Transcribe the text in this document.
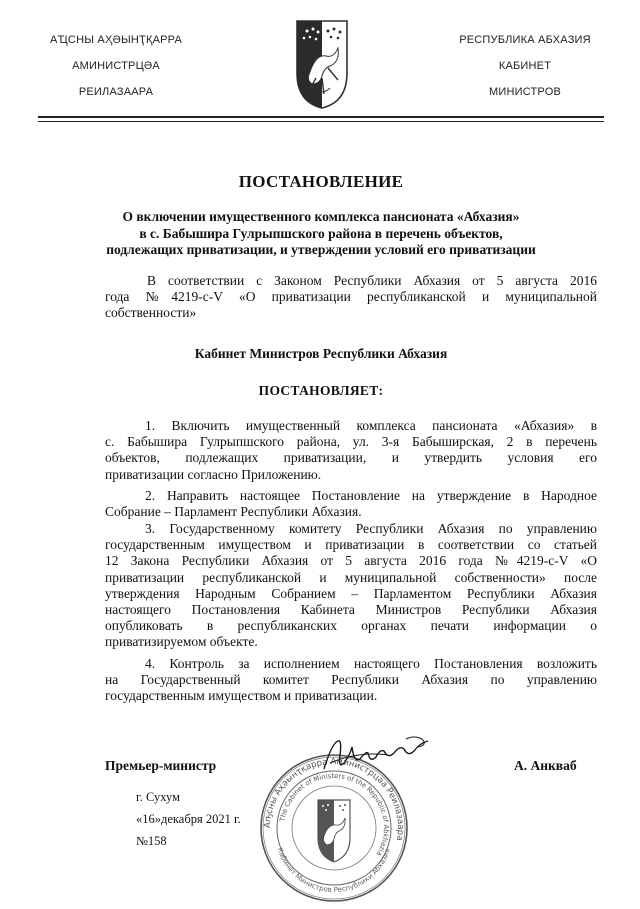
АҴСНЫ АҲӘЫНҬҚАРРА
АМИНИСТРЦӘА
РЕИЛАЗААРА
РЕСПУБЛИКА АБХАЗИЯ
КАБИНЕТ
МИНИСТРОВ
ПОСТАНОВЛЕНИЕ
О включении имущественного комплекса пансионата «Абхазия»
в с. Бабышира Гулрыпшского района в перечень объектов,
подлежащих приватизации, и утверждении условий его приватизации
В соответствии с Законом Республики Абхазия от 5 августа 2016
года №4219-с-V «О приватизации республиканской и муниципальной
собственности»
Кабинет Министров Республики Абхазия
ПОСТАНОВЛЯЕТ:
1. Включить имущественный комплекса пансионата «Абхазия» в
с. Бабышира Гулрыпшского района, ул. 3-я Бабыширская, 2 в перечень
объектов, подлежащих приватизации, и утвердить условия его
приватизации согласно Приложению.
2. Направить настоящее Постановление на утверждение в Народное
Собрание – Парламент Республики Абхазия.
3. Государственному комитету Республики Абхазия по управлению
государственным имуществом и приватизации в соответствии со статьей
12 Закона Республики Абхазия от 5 августа 2016 года №4219-с-V «О
приватизации республиканской и муниципальной собственности» после
утверждения Народным Собранием – Парламентом Республики Абхазия
настоящего Постановления Кабинета Министров Республики Абхазия
опубликовать в республиканских органах печати информации о
приватизируемом объекте.
4. Контроль за исполнением настоящего Постановления возложить
на Государственный комитет Республики Абхазия по управлению
государственным имуществом и приватизации.
Аҧсны Аҳәынҭқарра Аминистрцәа Реилазаара
The Cabinet of Ministers of the Republic of Abkhazia
Кабинет Министров Республики Абхазия
Премьер-министр	А. Анкваб
г. Сухум
«16»декабря 2021 г.
№158
